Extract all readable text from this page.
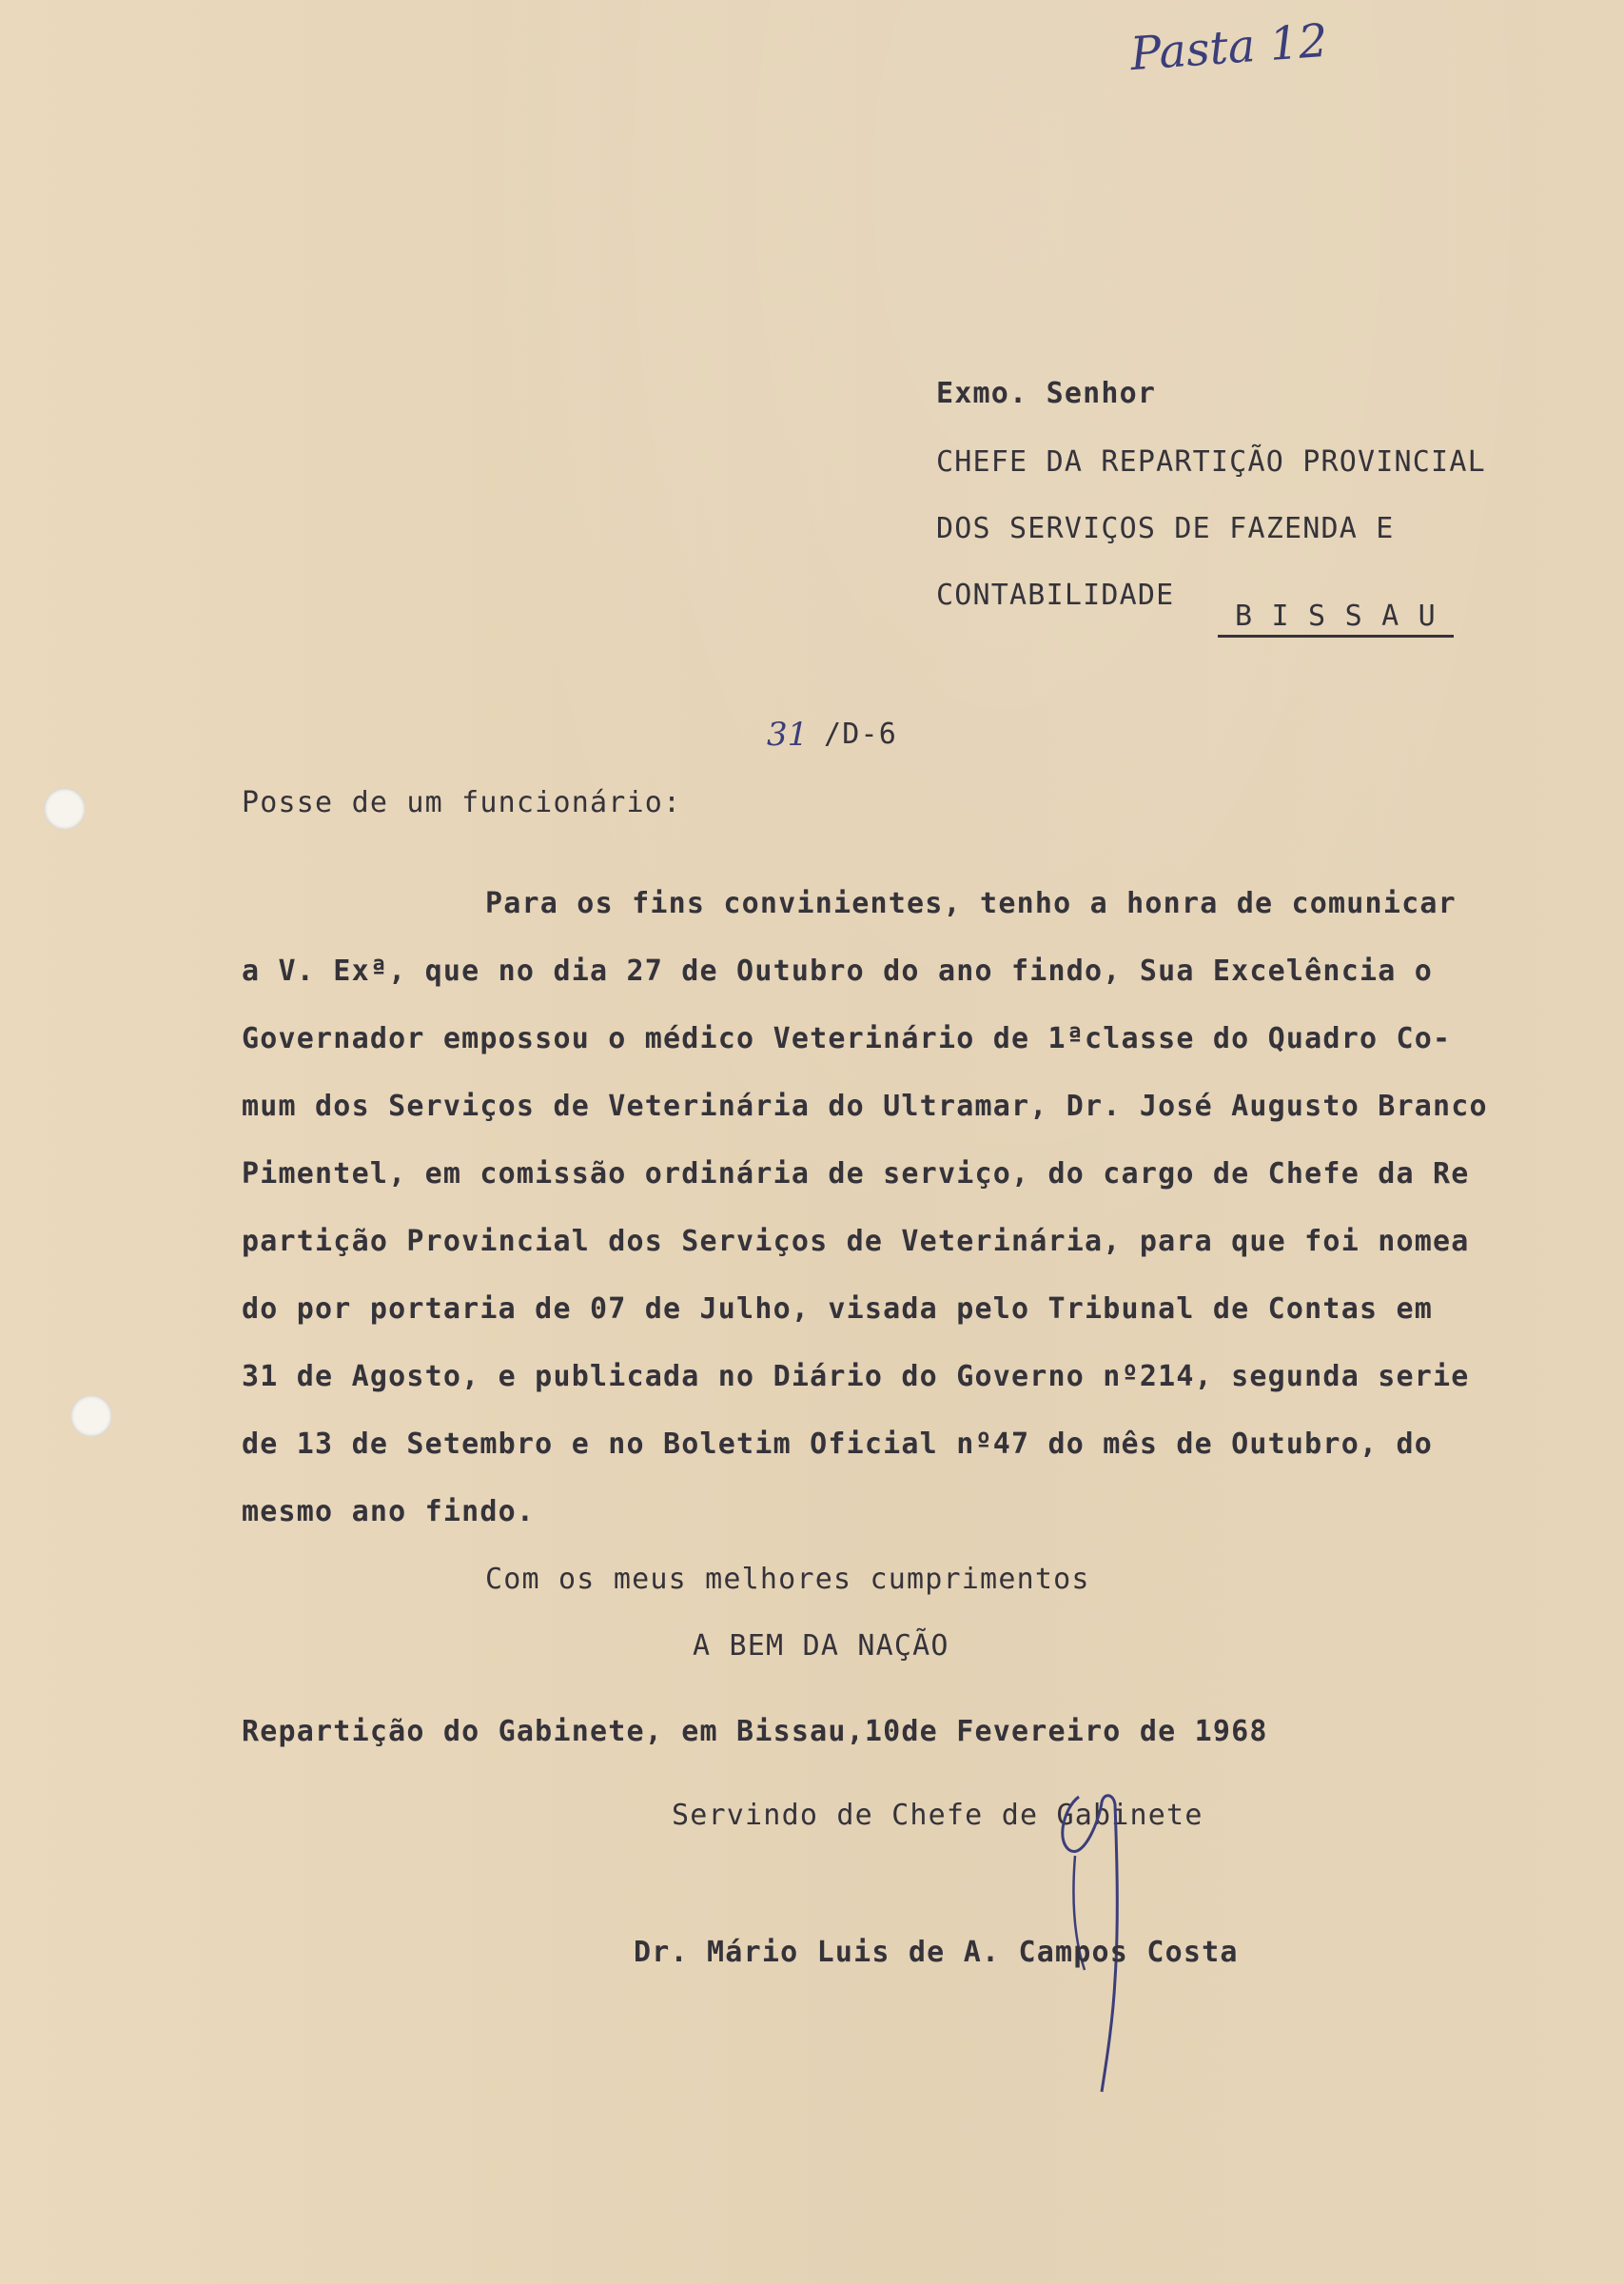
Pasta 12
Exmo. Senhor
CHEFE DA REPARTIÇÃO PROVINCIAL
DOS SERVIÇOS DE FAZENDA E
CONTABILIDADE
B I S S A U
31 /D-6
Posse de um funcionário:
Para os fins convinientes, tenho a honra de comunicar
a V. Exª, que no dia 27 de Outubro do ano findo, Sua Excelência o
Governador empossou o médico Veterinário de 1ªclasse do Quadro Co-
mum dos Serviços de Veterinária do Ultramar, Dr. José Augusto Branco
Pimentel, em comissão ordinária de serviço, do cargo de Chefe da Re
partição Provincial dos Serviços de Veterinária, para que foi nomea
do por portaria de 07 de Julho, visada pelo Tribunal de Contas em
31 de Agosto, e publicada no Diário do Governo nº214, segunda serie
de 13 de Setembro e no Boletim Oficial nº47 do mês de Outubro, do
mesmo ano findo.
Com os meus melhores cumprimentos
A BEM DA NAÇÃO
Repartição do Gabinete, em Bissau,10de Fevereiro de 1968
Servindo de Chefe de Gabinete
Dr. Mário Luis de A. Campos Costa
